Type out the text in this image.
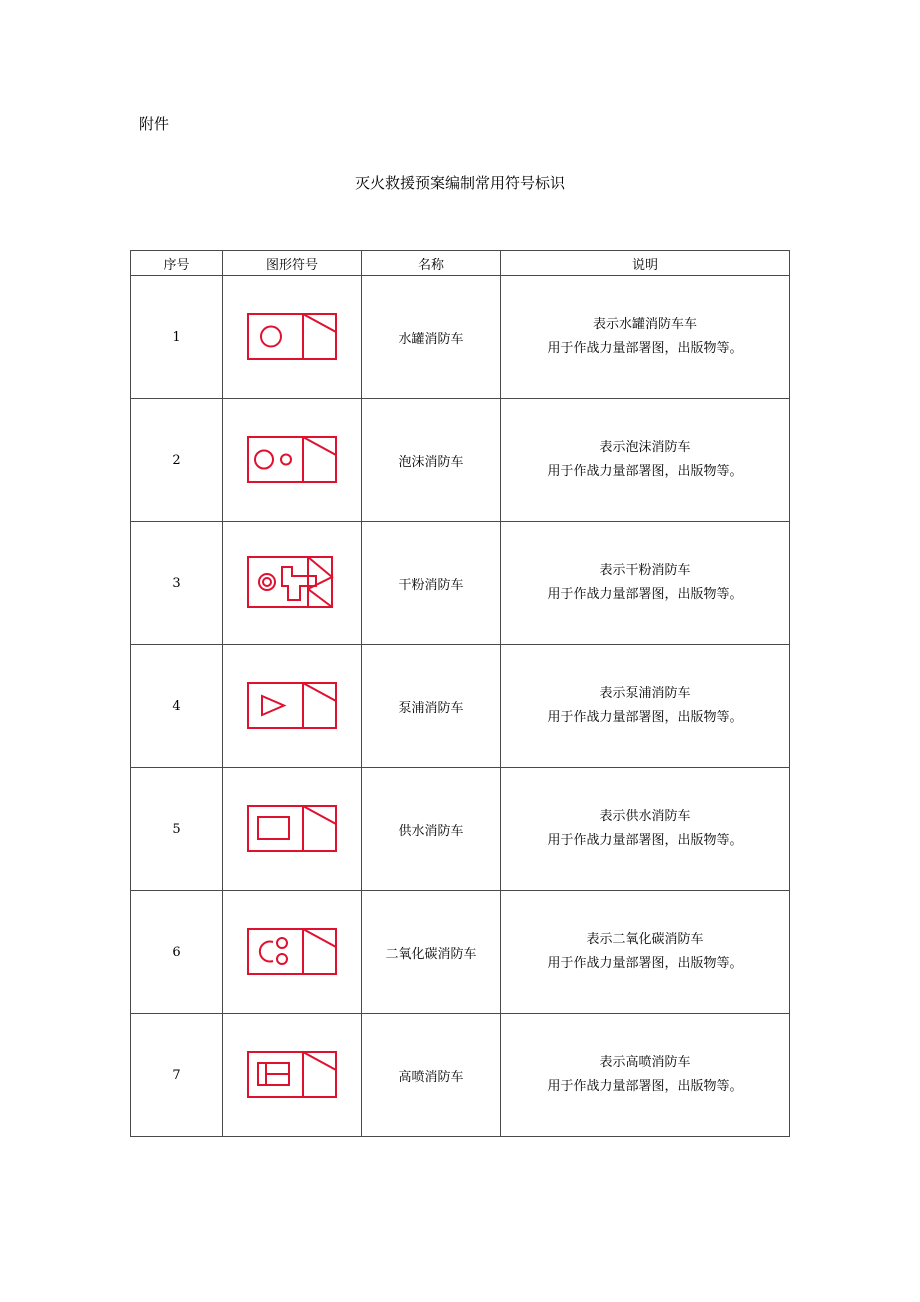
附件
灭火救援预案编制常用符号标识
序号	图形符号	名称	说明
1		水罐消防车	表示水罐消防车车
用于作战力量部署图，出版物等。

2		泡沫消防车	表示泡沫消防车
用于作战力量部署图，出版物等。

3		干粉消防车	表示干粉消防车
用于作战力量部署图，出版物等。

4		泵浦消防车	表示泵浦消防车
用于作战力量部署图，出版物等。

5		供水消防车	表示供水消防车
用于作战力量部署图，出版物等。

6		二氧化碳消防车	表示二氧化碳消防车
用于作战力量部署图，出版物等。

7		高喷消防车	表示高喷消防车
用于作战力量部署图，出版物等。
